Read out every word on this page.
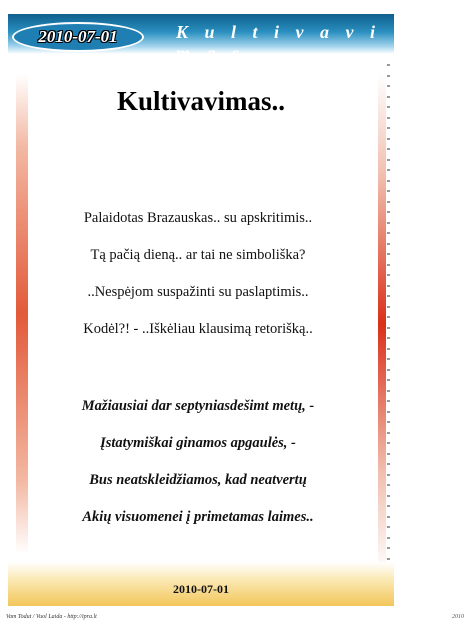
2010-07-01	K u l t i v a v i m a s . .
Kultivavimas..
Palaidotas Brazauskas.. su apskritimis..
Tą pačią dieną.. ar tai ne simboliška?
..Nespėjom suspažinti su paslaptimis..
Kodėl?! - ..Iškėliau klausimą retorišką..
Mažiausiai dar septyniasdešimt metų, -
Įstatymiškai ginamos apgaulės, -
Bus neatskleidžiamos, kad neatvertų
Akių visuomenei į primetamas laimes..
2010-07-01
Vam Todut / Vuol Laida - http://ipra.lt	2010
